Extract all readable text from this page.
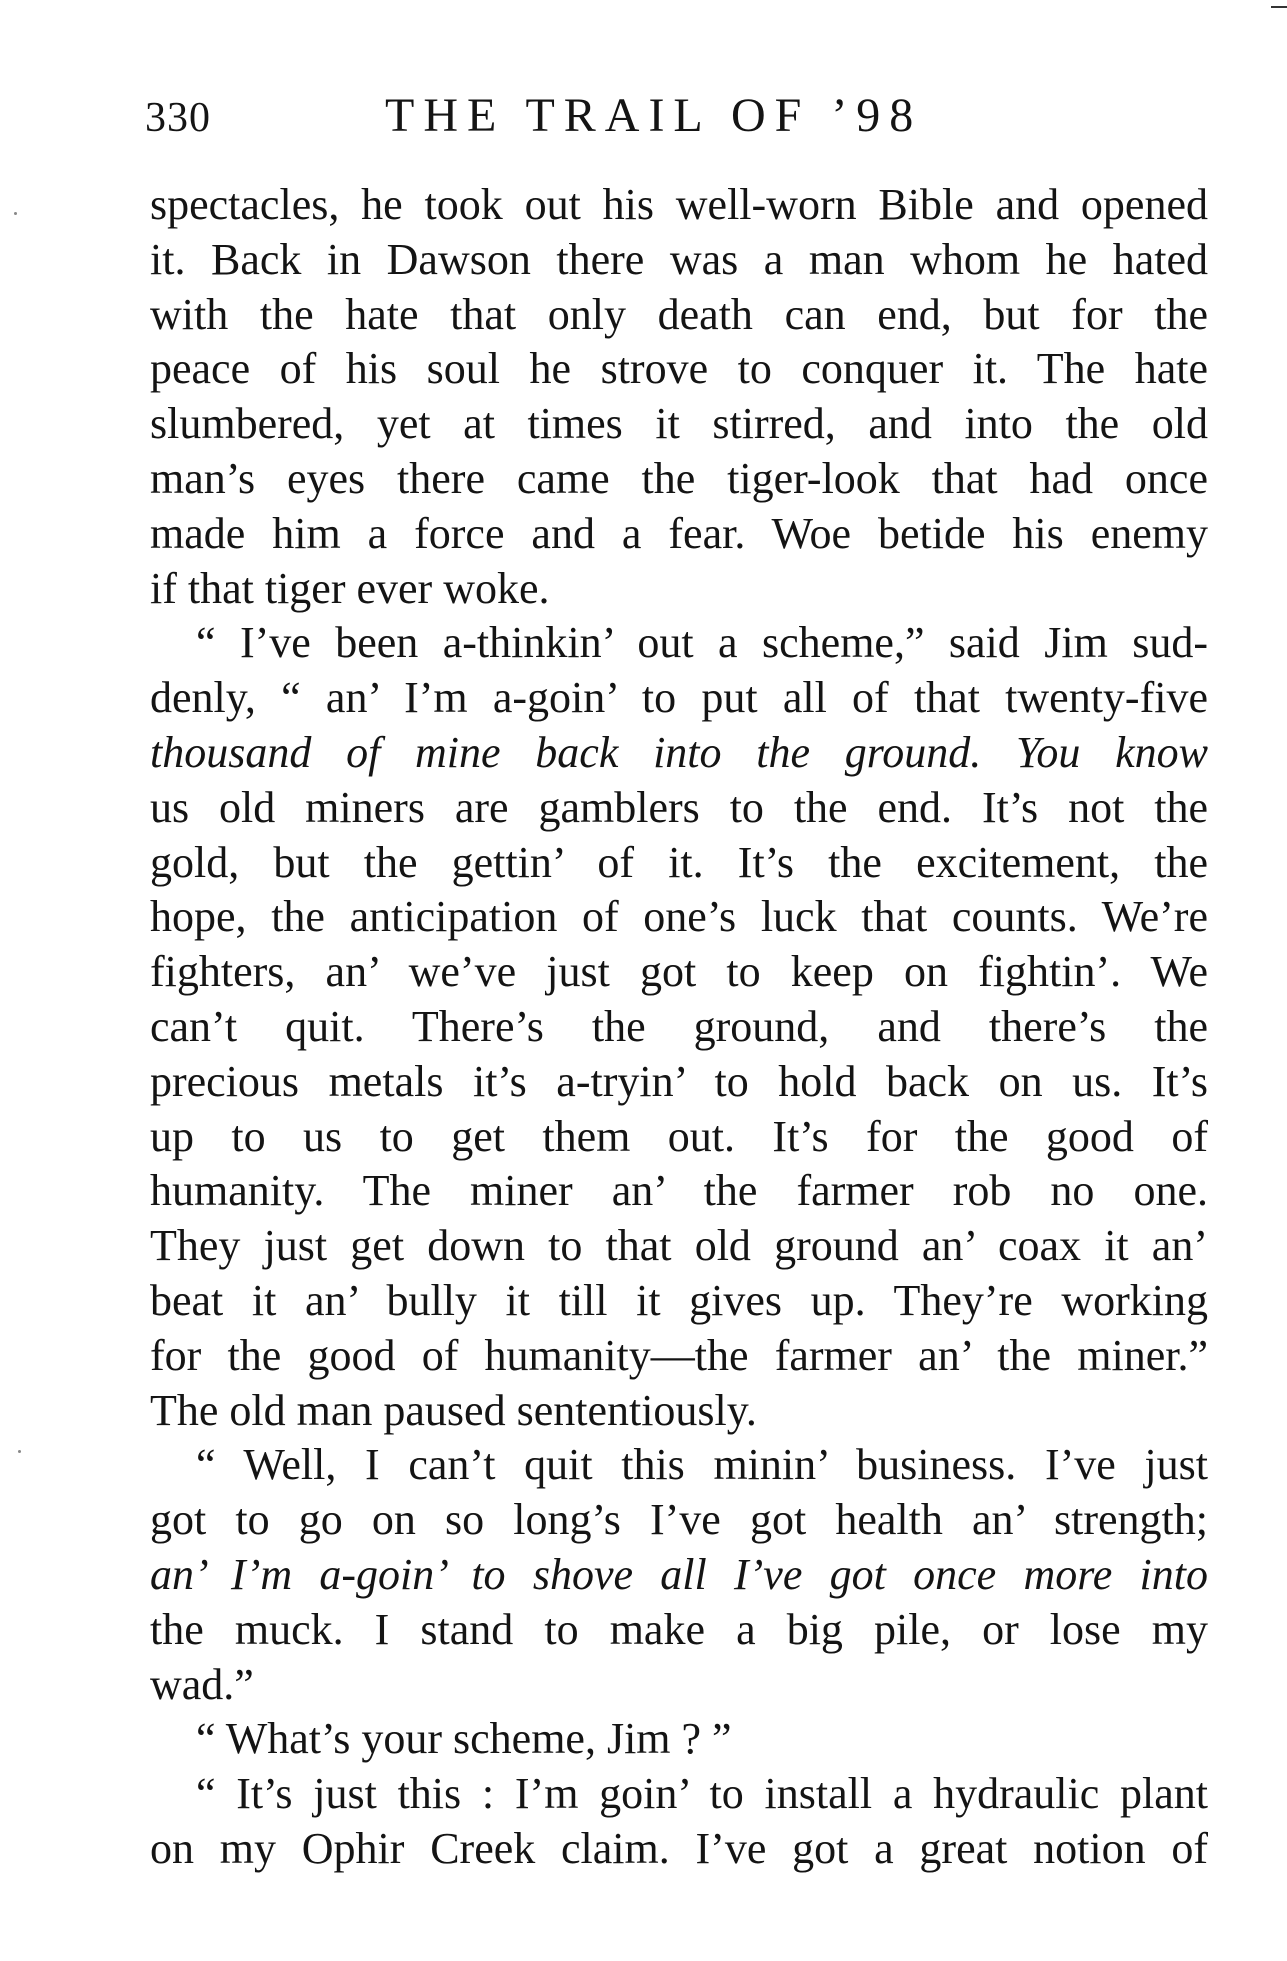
330	THE TRAIL OF ’98
spectacles, he took out his well-worn Bible and opened
it. Back in Dawson there was a man whom he hated
with the hate that only death can end, but for the
peace of his soul he strove to conquer it. The hate
slumbered, yet at times it stirred, and into the old
man’s eyes there came the tiger-look that had once
made him a force and a fear. Woe betide his enemy
if that tiger ever woke.
“ I’ve been a-thinkin’ out a scheme,” said Jim sud-
denly, “ an’ I’m a-goin’ to put all of that twenty-five
thousand of mine back into the ground. You know
us old miners are gamblers to the end. It’s not the
gold, but the gettin’ of it. It’s the excitement, the
hope, the anticipation of one’s luck that counts. We’re
fighters, an’ we’ve just got to keep on fightin’. We
can’t quit. There’s the ground, and there’s the
precious metals it’s a-tryin’ to hold back on us. It’s
up to us to get them out. It’s for the good of
humanity. The miner an’ the farmer rob no one.
They just get down to that old ground an’ coax it an’
beat it an’ bully it till it gives up. They’re working
for the good of humanity—the farmer an’ the miner.”
The old man paused sententiously.
“ Well, I can’t quit this minin’ business. I’ve just
got to go on so long’s I’ve got health an’ strength;
an’ I’m a-goin’ to shove all I’ve got once more into
the muck. I stand to make a big pile, or lose my
wad.”
“ What’s your scheme, Jim ? ”
“ It’s just this : I’m goin’ to install a hydraulic plant
on my Ophir Creek claim. I’ve got a great notion of
